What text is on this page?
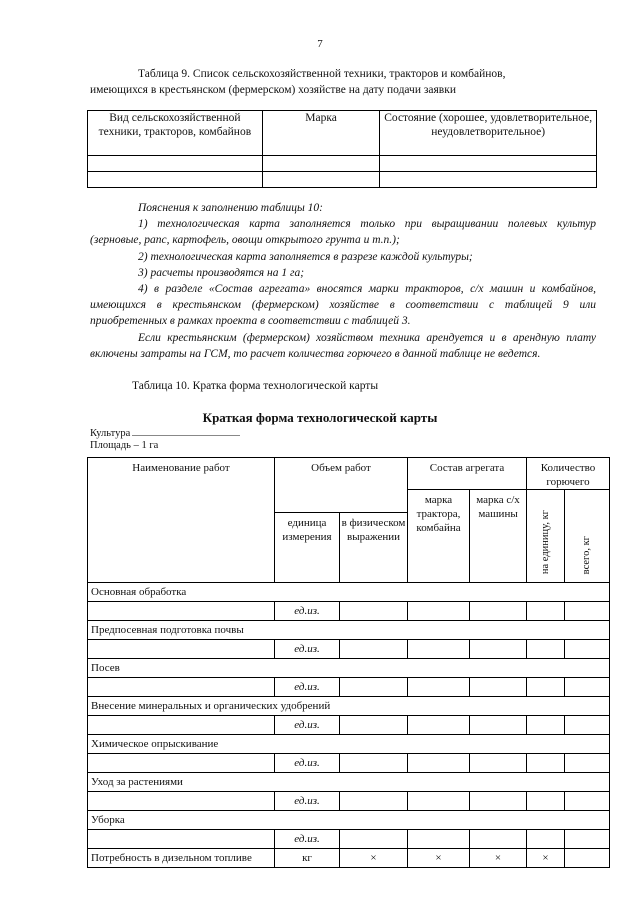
7
Таблица 9. Список сельскохозяйственной техники, тракторов и комбайнов,
имеющихся в крестьянском (фермерском) хозяйстве на дату подачи заявки
Вид сельскохозяйственной техники, тракторов, комбайнов	Марка	Состояние (хорошее, удовлетворительное, неудовлетворительное)

Пояснения к заполнению таблицы 10:

1) технологическая карта заполняется только при выращивании полевых культур (зерновые, рапс, картофель, овощи открытого грунта и т.п.);

2) технологическая карта заполняется в разрезе каждой культуры;

3) расчеты производятся на 1 га;

4) в разделе «Состав агрегата» вносятся марки тракторов, с/х машин и комбайнов, имеющихся в крестьянском (фермерском) хозяйстве в соответствии с таблицей 9 или приобретенных в рамках проекта в соответствии с таблицей 3.

Если крестьянским (фермерском) хозяйством техника арендуется и в арендную плату включены затраты на ГСМ, то расчет количества горючего в данной таблице не ведется.

Таблица 10. Кратка форма технологической карты
Краткая форма технологической карты
Культура
Площадь – 1 га
Наименование работ	Объем работ		Состав агрегата		Количество горючего	
			марка трактора, комбайна	марка с/х машины	на единицу, кг	всего, кг
	единица измерения	в физическом выражении				
Основная обработка						
	ед.из.					
Предпосевная подготовка почвы						
	ед.из.					
Посев						
	ед.из.					
Внесение минеральных и органических удобрений						
	ед.из.					
Химическое опрыскивание						
	ед.из.					
Уход за растениями						
	ед.из.					
Уборка						
	ед.из.					
Потребность в дизельном топливе	кг	×	×	×	×	
